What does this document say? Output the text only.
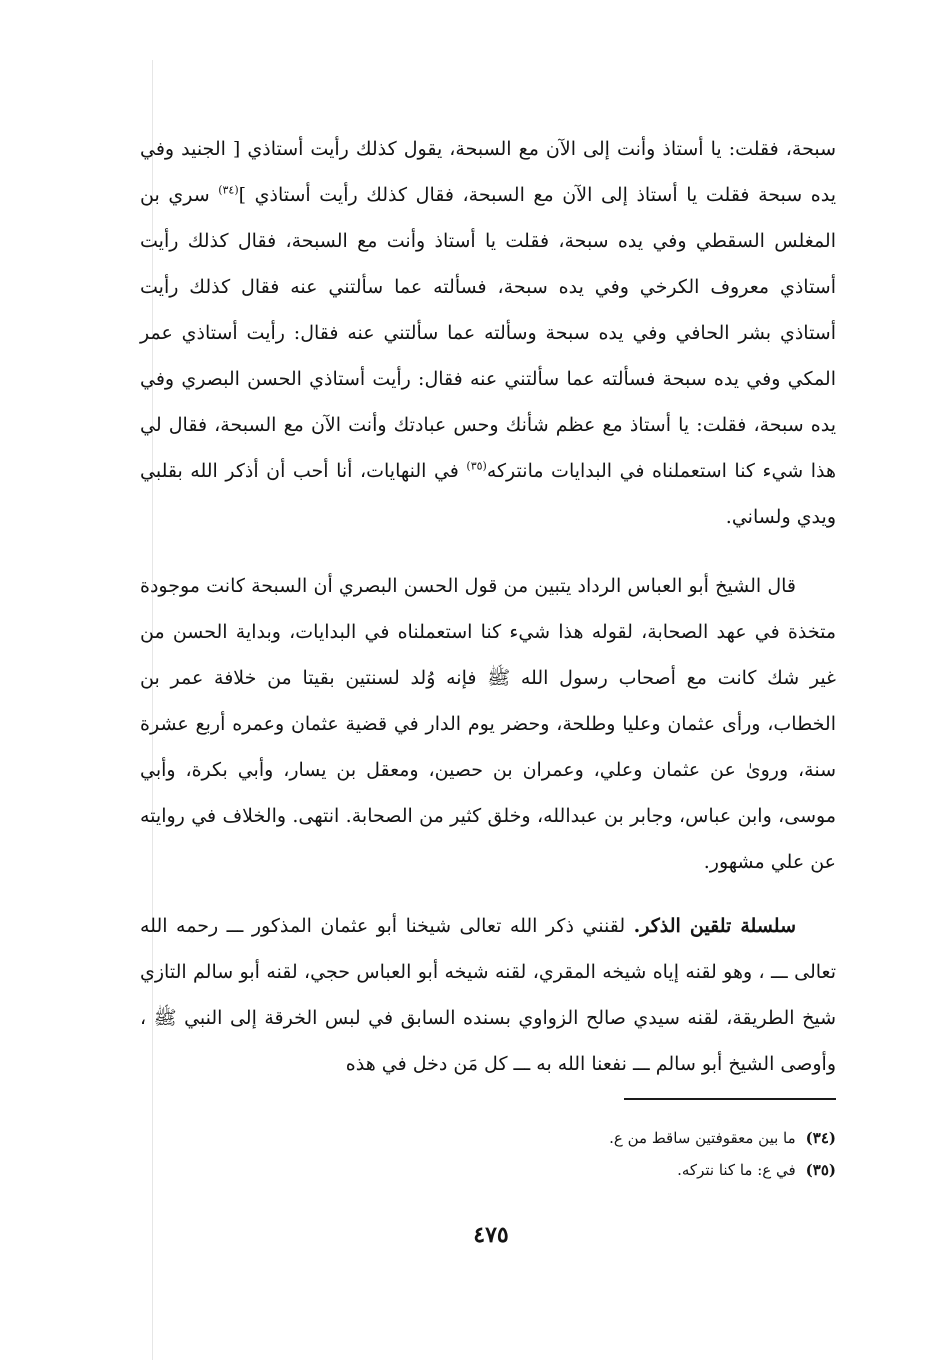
سبحة، فقلت: يا أستاذ وأنت إلى الآن مع السبحة، يقول كذلك رأيت أستاذي [ الجنيد وفي يده سبحة فقلت يا أستاذ إلى الآن مع السبحة، فقال كذلك رأيت أستاذي ]$^{(٣٤)}$ سري بن المغلس السقطي وفي يده سبحة، فقلت يا أستاذ وأنت مع السبحة، فقال كذلك رأيت أستاذي معروف الكرخي وفي يده سبحة، فسألته عما سألتني عنه فقال كذلك رأيت أستاذي بشر الحافي وفي يده سبحة وسألته عما سألتني عنه فقال: رأيت أستاذي عمر المكي وفي يده سبحة فسألته عما سألتني عنه فقال: رأيت أستاذي الحسن البصري وفي يده سبحة، فقلت: يا أستاذ مع عظم شأنك وحس عبادتك وأنت الآن مع السبحة، فقال لي هذا شيء كنا استعملناه في البدايات مانتركه$^{(٣٥)}$ في النهايات، أنا أحب أن أذكر الله بقلبي ويدي ولساني.

قال الشيخ أبو العباس الرداد يتبين من قول الحسن البصري أن السبحة كانت موجودة متخذة في عهد الصحابة، لقوله هذا شيء كنا استعملناه في البدايات، وبداية الحسن من غير شك كانت مع أصحاب رسول الله ﷺ فإنه وُلد لسنتين بقيتا من خلافة عمر بن الخطاب، ورأى عثمان وعليا وطلحة، وحضر يوم الدار في قضية عثمان وعمره أربع عشرة سنة، وروىٰ عن عثمان وعلي، وعمران بن حصين، ومعقل بن يسار، وأبي بكرة، وأبي موسى، وابن عباس، وجابر بن عبدالله، وخلق كثير من الصحابة. انتهى. والخلاف في روايته عن علي مشهور.

سلسلة تلقين الذكر. لقنني ذكر الله تعالى شيخنا أبو عثمان المذكور ـــ رحمه الله تعالى ـــ ، وهو لقنه إياه شيخه المقري، لقنه شيخه أبو العباس حجي، لقنه أبو سالم التازي شيخ الطريقة، لقنه سيدي صالح الزواوي بسنده السابق في لبس الخرقة إلى النبي ﷺ ، وأوصى الشيخ أبو سالم ـــ نفعنا الله به ـــ كل مَن دخل في هذه

(٣٤)ما بين معقوفتين ساقط من ع.

(٣٥)في ع: ما كنا نتركه.

٤٧٥
